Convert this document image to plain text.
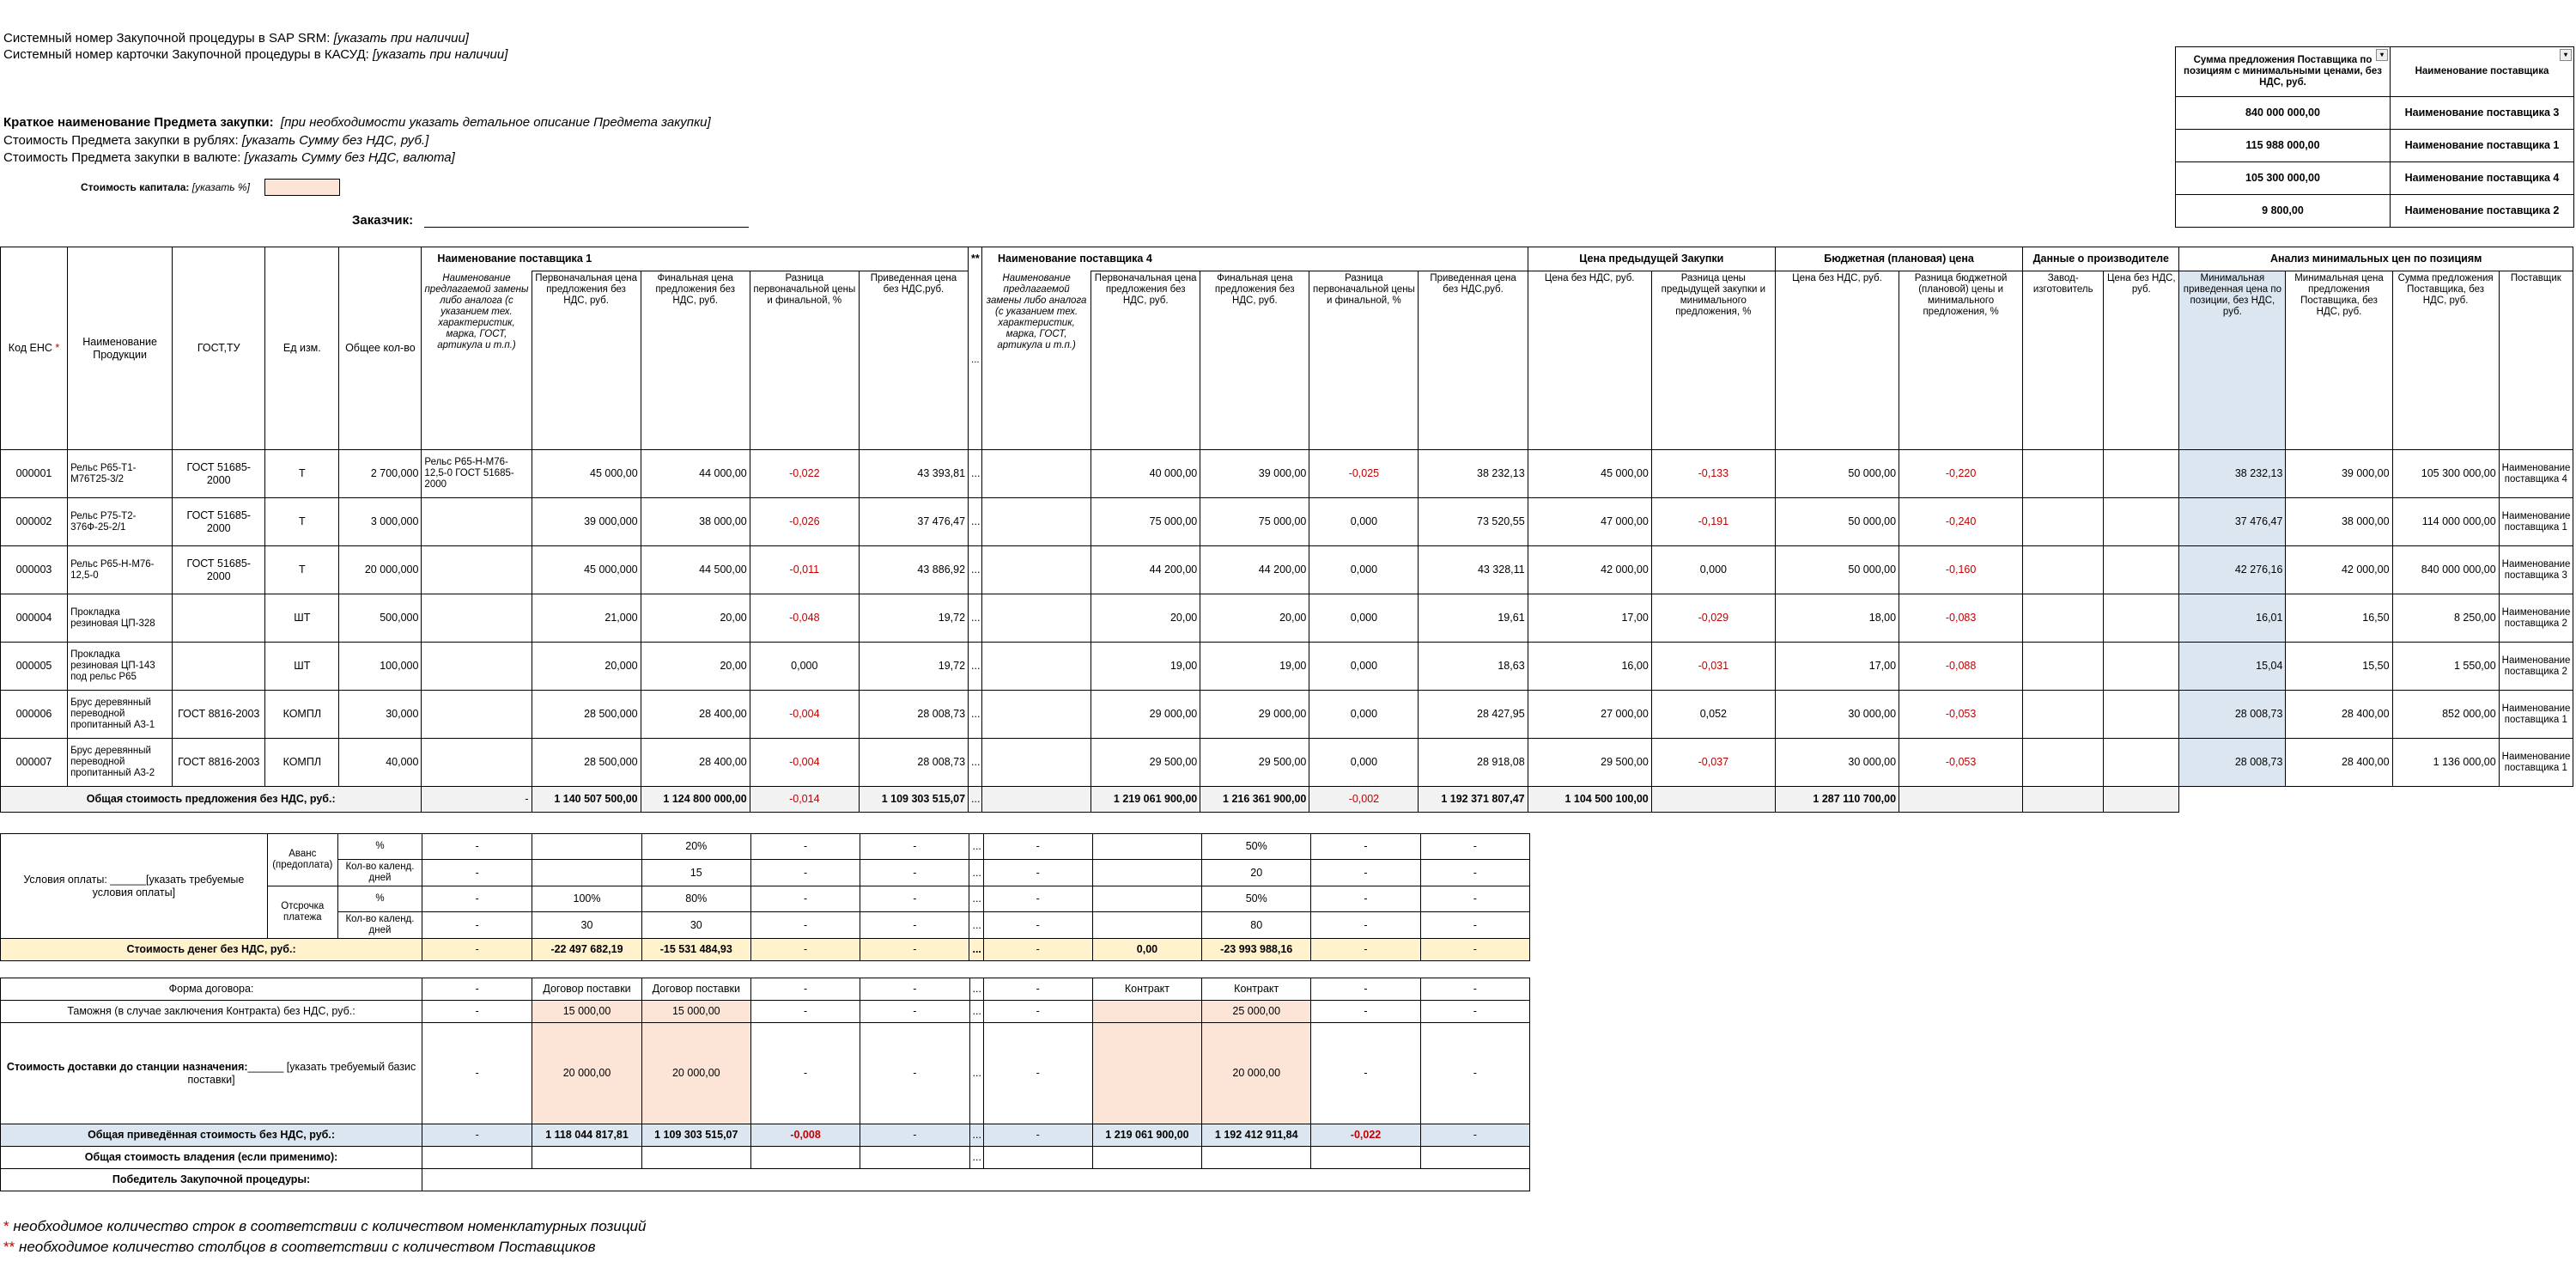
Системный номер Закупочной процедуры в SAP SRM: [указать при наличии]
Системный номер карточки Закупочной процедуры в КАСУД: [указать при наличии]
Краткое наименование Предмета закупки: [при необходимости указать детальное описание Предмета закупки]
Стоимость Предмета закупки в рублях: [указать Сумму без НДС, руб.]
Стоимость Предмета закупки в валюте: [указать Сумму без НДС, валюта]
Стоимость капитала: [указать %]
Заказчик:
Сумма предложения Поставщика по позициям с минимальными ценами, без НДС, руб.
▾	Наименование поставщика
▾

840 000 000,00	Наименование поставщика 3
115 988 000,00	Наименование поставщика 1
105 300 000,00	Наименование поставщика 4
9 800,00	Наименование поставщика 2
Код ЕНС *	Наименование Продукции	ГОСТ,ТУ	Ед изм.	Общее кол-во	Наименование поставщика 1					**	Наименование поставщика 4					Цена предыдущей Закупки		Бюджетная (плановая) цена		Данные о производителе		Анализ минимальных цен по позициям			
					Наименование предлагаемой замены либо аналога (с указанием тех. характеристик, марка, ГОСТ, артикула и т.п.)	Первоначальная цена предложения без НДС, руб.	Финальная цена предложения без НДС, руб.	Разница первоначальной цены и финальной, %	Приведенная цена без НДС,руб.	...	Наименование предлагаемой замены либо аналога (с указанием тех. характеристик, марка, ГОСТ, артикула и т.п.)	Первоначальная цена предложения без НДС, руб.	Финальная цена предложения без НДС, руб.	Разница первоначальной цены и финальной, %	Приведенная цена без НДС,руб.	Цена без НДС, руб.	Разница цены предыдущей закупки и минимального предложения, %	Цена без НДС, руб.	Разница бюджетной (плановой) цены и минимального предложения, %	Завод-изготовитель	Цена без НДС, руб.	Минимальная приведенная цена по позиции, без НДС, руб.	Минимальная цена предложения Поставщика, без НДС, руб.	Сумма предложения Поставщика, без НДС, руб.	Поставщик
000001	Рельс Р65-Т1-М76Т25-3/2	ГОСТ 51685-2000	Т	2 700,000	Рельс Р65-Н-М76-12,5-0 ГОСТ 51685-2000	45 000,00	44 000,00	-0,022	43 393,81	...		40 000,00	39 000,00	-0,025	38 232,13	45 000,00	-0,133	50 000,00	-0,220			38 232,13	39 000,00	105 300 000,00	Наименование поставщика 4
000002	Рельс Р75-Т2-376Ф-25-2/1	ГОСТ 51685-2000	Т	3 000,000		39 000,000	38 000,00	-0,026	37 476,47	...		75 000,00	75 000,00	0,000	73 520,55	47 000,00	-0,191	50 000,00	-0,240			37 476,47	38 000,00	114 000 000,00	Наименование поставщика 1
000003	Рельс Р65-Н-М76-12,5-0	ГОСТ 51685-2000	Т	20 000,000		45 000,000	44 500,00	-0,011	43 886,92	...		44 200,00	44 200,00	0,000	43 328,11	42 000,00	0,000	50 000,00	-0,160			42 276,16	42 000,00	840 000 000,00	Наименование поставщика 3
000004	Прокладка резиновая ЦП-328		ШТ	500,000		21,000	20,00	-0,048	19,72	...		20,00	20,00	0,000	19,61	17,00	-0,029	18,00	-0,083			16,01	16,50	8 250,00	Наименование поставщика 2
000005	Прокладка резиновая ЦП-143 под рельс Р65		ШТ	100,000		20,000	20,00	0,000	19,72	...		19,00	19,00	0,000	18,63	16,00	-0,031	17,00	-0,088			15,04	15,50	1 550,00	Наименование поставщика 2
000006	Брус деревянный переводной пропитанный А3-1	ГОСТ 8816-2003	КОМПЛ	30,000		28 500,000	28 400,00	-0,004	28 008,73	...		29 000,00	29 000,00	0,000	28 427,95	27 000,00	0,052	30 000,00	-0,053			28 008,73	28 400,00	852 000,00	Наименование поставщика 1
000007	Брус деревянный переводной пропитанный А3-2	ГОСТ 8816-2003	КОМПЛ	40,000		28 500,000	28 400,00	-0,004	28 008,73	...		29 500,00	29 500,00	0,000	28 918,08	29 500,00	-0,037	30 000,00	-0,053			28 008,73	28 400,00	1 136 000,00	Наименование поставщика 1
Общая стоимость предложения без НДС, руб.:					-	1 140 507 500,00	1 124 800 000,00	-0,014	1 109 303 515,07	...		1 219 061 900,00	1 216 361 900,00	-0,002	1 192 371 807,47	1 104 500 100,00		1 287 110 700,00							
Условия оплаты: ______[указать требуемые условия оплаты]	Аванс (предоплата)	%	-		20%	-	-	...	-		50%	-	-
		Кол-во календ. дней	-		15	-	-	...	-		20	-	-
	Отсрочка платежа	%	-	100%	80%	-	-	...	-		50%	-	-
		Кол-во календ. дней	-	30	30	-	-	...	-		80	-	-
Стоимость денег без НДС, руб.:			-	-22 497 682,19	-15 531 484,93	-	-	...	-	0,00	-23 993 988,16	-	-
Форма договора:	-	Договор поставки	Договор поставки	-	-	...	-	Контракт	Контракт	-	-
Таможня (в случае заключения Контракта) без НДС, руб.:	-	15 000,00	15 000,00	-	-	...	-		25 000,00	-	-
Стоимость доставки до станции назначения:______ [указать требуемый базис поставки]	-	20 000,00	20 000,00	-	-	...	-		20 000,00	-	-
Общая приведённая стоимость без НДС, руб.:	-	1 118 044 817,81	1 109 303 515,07	-0,008	-	...	-	1 219 061 900,00	1 192 412 911,84	-0,022	-
Общая стоимость владения (если применимо):						...					
Победитель Закупочной процедуры:											
* необходимое количество строк в соответствии с количеством номенклатурных позиций
** необходимое количество столбцов в соответствии с количеством Поставщиков
